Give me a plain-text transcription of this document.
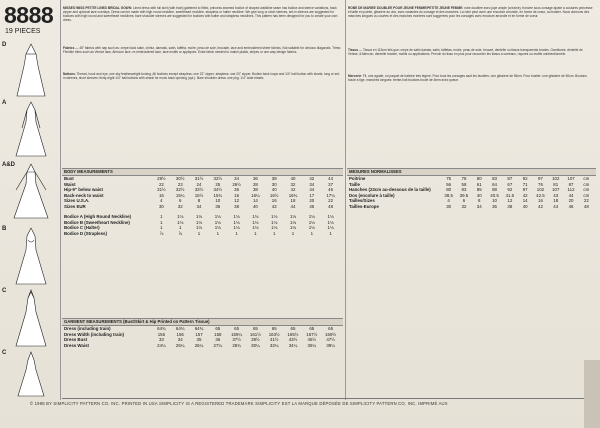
8888
19 PIECES
D
A
A&D
B
C
C
MISSES'/MISS PETITE LINED BRIDAL GOWN: Lined dress with full skirt (with train) gathered to fitted, princess seamed bodice of shaped waistline seam has bodice and sleeve variations, back zipper and optional lace overlays. Dress can be made with high round neckline, sweetheart neckline, strapless or halter neckline. We give long or short sleeves, set-in sleeves are suggested for bodices with high round and sweetheart necklines; bare shoulder sleeves are suggested for bodices with halter and strapless necklines. This pattern has been designed for you to create your own dress.
Fabrics — 45" fabrics with nap such as: crepe back satin, chintz, damask, satin, taffeta, moire, peau de soie, brocade, lace and embroidered sheer fabrics. Not suitable for obvious diagonals. Trims: Flexible trims such as Venice lace, Alencon lace, re-embroidered lace, lace motifs or appliques. Extra fabric needed to match plaids, stripes or one-way design fabrics.
Notions: Thread, hook and eye, one sky featherweight boning. All bodices except strapless: one 22" zipper, strapless: one 20" zipper. Bodice back loops and 1/4" ball button with shank; long or set-in sleeves, short sleeves: thirty-eight 1/4" ball buttons with shank for mock back opening (opt.). Bare shoulder dress: one pkg. 1/4" wide elastic.
ROBE DE MARIEE DOUBLEE POUR JEUNE FEMME/PETITE JEUNE FEMME: robe doublee avec jupe ample (a traine), froncee sous corsage ajuste a coutures princesse et taille en pointe, glissiere au dos, avec variantes du corsage et des manches. La robe peut avoir une encolure arrondie, en forme de coeur, au bustier. Nous donnons des manches longues ou courtes et des manches montees sont suggerees pour les corsages avec encolure arrondie et en forme de coeur.
Tissus — Tissus en 115cm tels que: crepe de satin damas, satin, taffetas, moire, peau de soie, brocart, dentelle ou tissus transparents brodes. Garnitures: dentelle de Venise, d'Alencon, dentelle brodee, motifs ou applications. Prevoir du tissu en plus pour raccorder les tissus a carreaux, rayures ou motifs unidirectionnels.
Mercerie: Fil, une agrafe, un paquet de baleine tres legere. Pour tous les corsages sauf les bustiers: une glissiere de 56cm. Pour bustier: une glissiere de 50cm. Boutons boule a tige, manches longues: trente-huit boutons boule de 6mm avec queue.
BODY MEASUREMENTS
Bust	29½	30½	31½	32½	34	36	38	40	42	44
Waist	22	23	24	25	26½	28	30	32	34	37
Hip-9" below waist	31½	32½	33½	34½	36	38	40	42	44	46
Back-neck to waist	15	15¼	15½	15¾	16	16¼	16½	16¾	17	17¼
Sizes U.S.A.	4	6	8	10	12	14	16	18	20	22
Sizes EUR	30	32	34	36	38	40	42	44	46	48
Bodice A (High Round Neckline)	1	1⅛	1⅛	1⅛	1⅛	1⅛	1⅛	1⅛	1⅛	1⅛
Bodice B (Sweetheart Neckline)	1	1⅛	1⅛	1⅛	1⅛	1⅛	1⅛	1⅛	1⅛	1⅛
Bodice C (Halter)	1	1	1⅛	1⅛	1⅛	1⅛	1⅛	1⅛	1⅛	1⅛
Bodice D (Strapless)	⅞	⅞	1	1	1	1	1	1	1	1
GARMENT MEASUREMENTS (Bust/Skirt & Hip Printed on Pattern Tissue)
Dress (including train)	64¾	64¾	64¾	65	65	65	65	65	65	65
Dress Width (including train)	155	156	157	158	159¼	161½	163½	165½	167½	169½
Dress Bust	33	34	35	36	37½	39½	41½	43½	45½	47½
Dress Waist	24¼	25¼	26¼	27¼	28¾	30¼	32¼	34¼	36¼	39¼
MESURES NORMALISEES
Poitrine	75	78	80	83	87	92	97	102	107	cm
Taille	56	58	61	64	67	71	76	81	87	cm
Hanches (23cm au-dessous de la taille)	80	83	85	88	92	97	102	107	112	cm
Dos (encolure à taille)	38.5	39.5	40	40.5	41.5	42	42.5	43	44	cm
Tailles/Sizes	4	6	8	10	12	14	16	18	20	22
Tailles-Europe	30	32	34	36	38	40	42	44	46	48
© 1998 BY SIMPLICITY PATTERN CO. INC. PRINTED IN USA SIMPLICITY IS A REGISTERED TRADEMARK SIMPLICITY EST LA MARQUE DÉPOSÉE DE SIMPLICITY PATTERN CO. INC. IMPRIMÉ AUX
